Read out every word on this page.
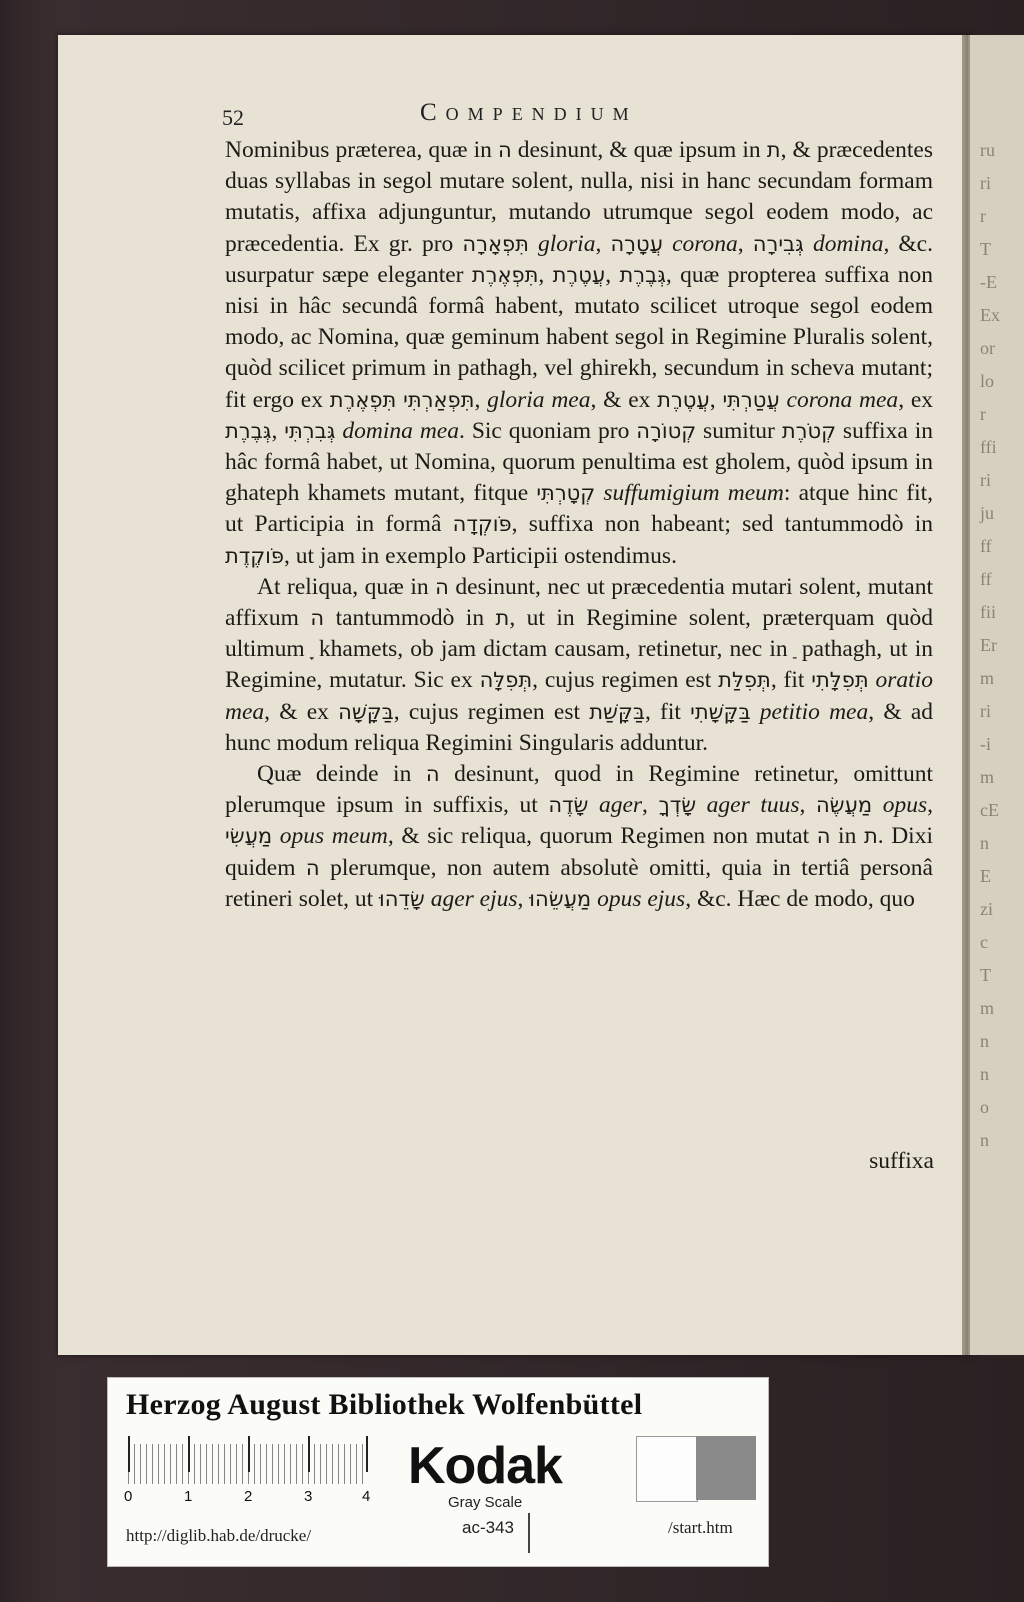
ru
ri
r
T
-E
Ex
or
lo
r
ffi
ri
ju
ff
ff
fii
Er
m
ri
-i
m
cE
n
E
zi
c
T
m
n
n
o
n
52	Compendium

Nominibus præterea, quæ in ה desinunt, & quæ ipsum in ת, & præcedentes duas syllabas in segol mutare solent, nulla, nisi in hanc secundam formam mutatis, affixa adjunguntur, mutando utrumque segol eodem modo, ac præcedentia. Ex gr. pro תִּפְאָרָה gloria, עֲטָרָה corona, גְּבִירָה domina, &c. usurpatur sæpe eleganter תִּפְאֶרֶת, עֲטֶרֶת, גְּבֶרֶת, quæ propterea suffixa non nisi in hâc secundâ formâ habent, mutato scilicet utroque segol eodem modo, ac Nomina, quæ geminum habent segol in Regimine Pluralis solent, quòd scilicet primum in pathagh, vel ghirekh, secundum in scheva mutant; fit ergo ex תִּפְאֶרֶת תִּפְאַרְתִּי, gloria mea, & ex עֲטֶרֶת, עֲטַרְתִּי corona mea, ex גְּבֶרֶת, גְּבִרְתִּי domina mea. Sic quoniam pro קְטוֹרָה sumitur קְטֹרֶת suffixa in hâc formâ habet, ut Nomina, quorum penultima est gholem, quòd ipsum in ghateph khamets mutant, fitque קְטָרְתִּי suffumigium meum: atque hinc fit, ut Participia in formâ פֹּוקְדָה, suffixa non habeant; sed tantummodò in פֹּוקֶדֶת, ut jam in exemplo Participii ostendimus.

At reliqua, quæ in ה desinunt, nec ut præcedentia mutari solent, mutant affixum ה tantummodò in ת, ut in Regimine solent, præterquam quòd ultimum ָ khamets, ob jam dictam causam, retinetur, nec in ַ pathagh, ut in Regimine, mutatur. Sic ex תְּפִלָּה, cujus regimen est תְּפִלַּת, fit תְּפִלָּתִי oratio mea, & ex בַּקָּשָׁה, cujus regimen est בַּקָּשַׁת, fit בַּקָּשָׁתִי petitio mea, & ad hunc modum reliqua Regimini Singularis adduntur.

Quæ deinde in ה desinunt, quod in Regimine retinetur, omittunt plerumque ipsum in suffixis, ut שָׂדֶה ager, שָׂדְךָ ager tuus, מַעֲשֶׂה opus, מַעֲשִׂי opus meum, & sic reliqua, quorum Regimen non mutat ה in ת. Dixi quidem ה plerumque, non autem absolutè omitti, quia in tertiâ personâ retineri solet, ut שָׂדֵהוּ ager ejus, מַעֲשֵׂהוּ opus ejus, &c. Hæc de modo, quo

suffixa
Herzog August Bibliothek Wolfenbüttel
0	1	2	3	4
Kodak
Gray Scale
http://diglib.hab.de/drucke/	ac-343	/start.htm
